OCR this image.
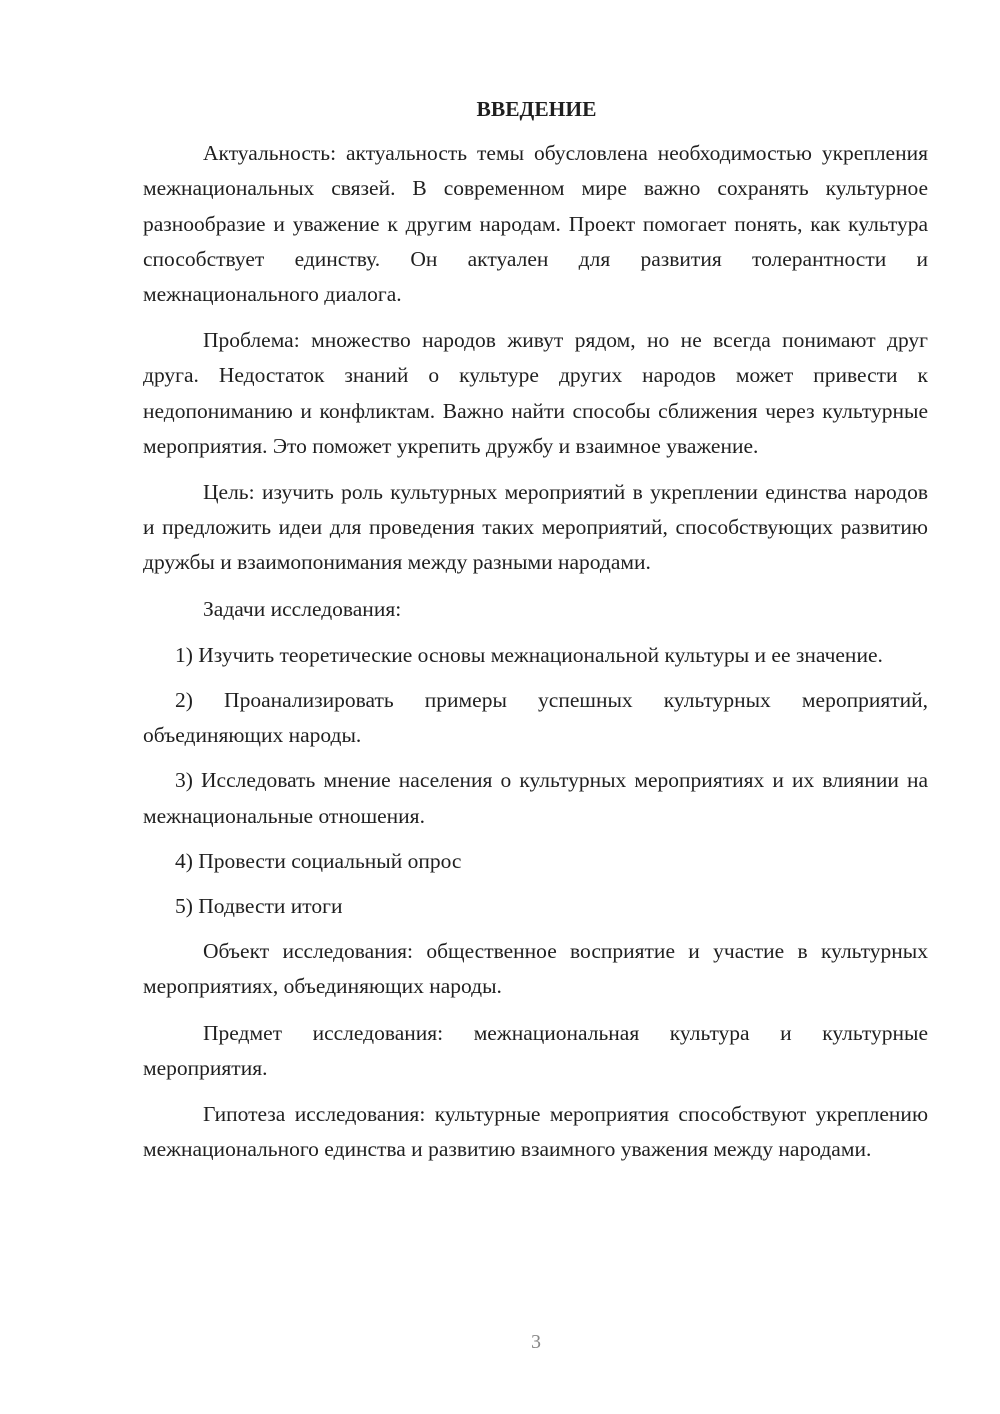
ВВЕДЕНИЕ

Актуальность: актуальность темы обусловлена необходимостью укрепления межнациональных связей. В современном мире важно сохранять культурное разнообразие и уважение к другим народам. Проект помогает понять, как культура способствует единству. Он актуален для развития толерантности и межнационального диалога.

Проблема: множество народов живут рядом, но не всегда понимают друг друга. Недостаток знаний о культуре других народов может привести к недопониманию и конфликтам. Важно найти способы сближения через культурные мероприятия. Это поможет укрепить дружбу и взаимное уважение.

Цель: изучить роль культурных мероприятий в укреплении единства народов и предложить идеи для проведения таких мероприятий, способствующих развитию дружбы и взаимопонимания между разными народами.

Задачи исследования:

1) Изучить теоретические основы межнациональной культуры и ее значение.

2) Проанализировать примеры успешных культурных мероприятий, объединяющих народы.

3) Исследовать мнение населения о культурных мероприятиях и их влиянии на межнациональные отношения.

4) Провести социальный опрос

5) Подвести итоги

Объект исследования: общественное восприятие и участие в культурных мероприятиях, объединяющих народы.

Предмет исследования: межнациональная культура и культурные мероприятия.

Гипотеза исследования: культурные мероприятия способствуют укреплению межнационального единства и развитию взаимного уважения между народами.

3
